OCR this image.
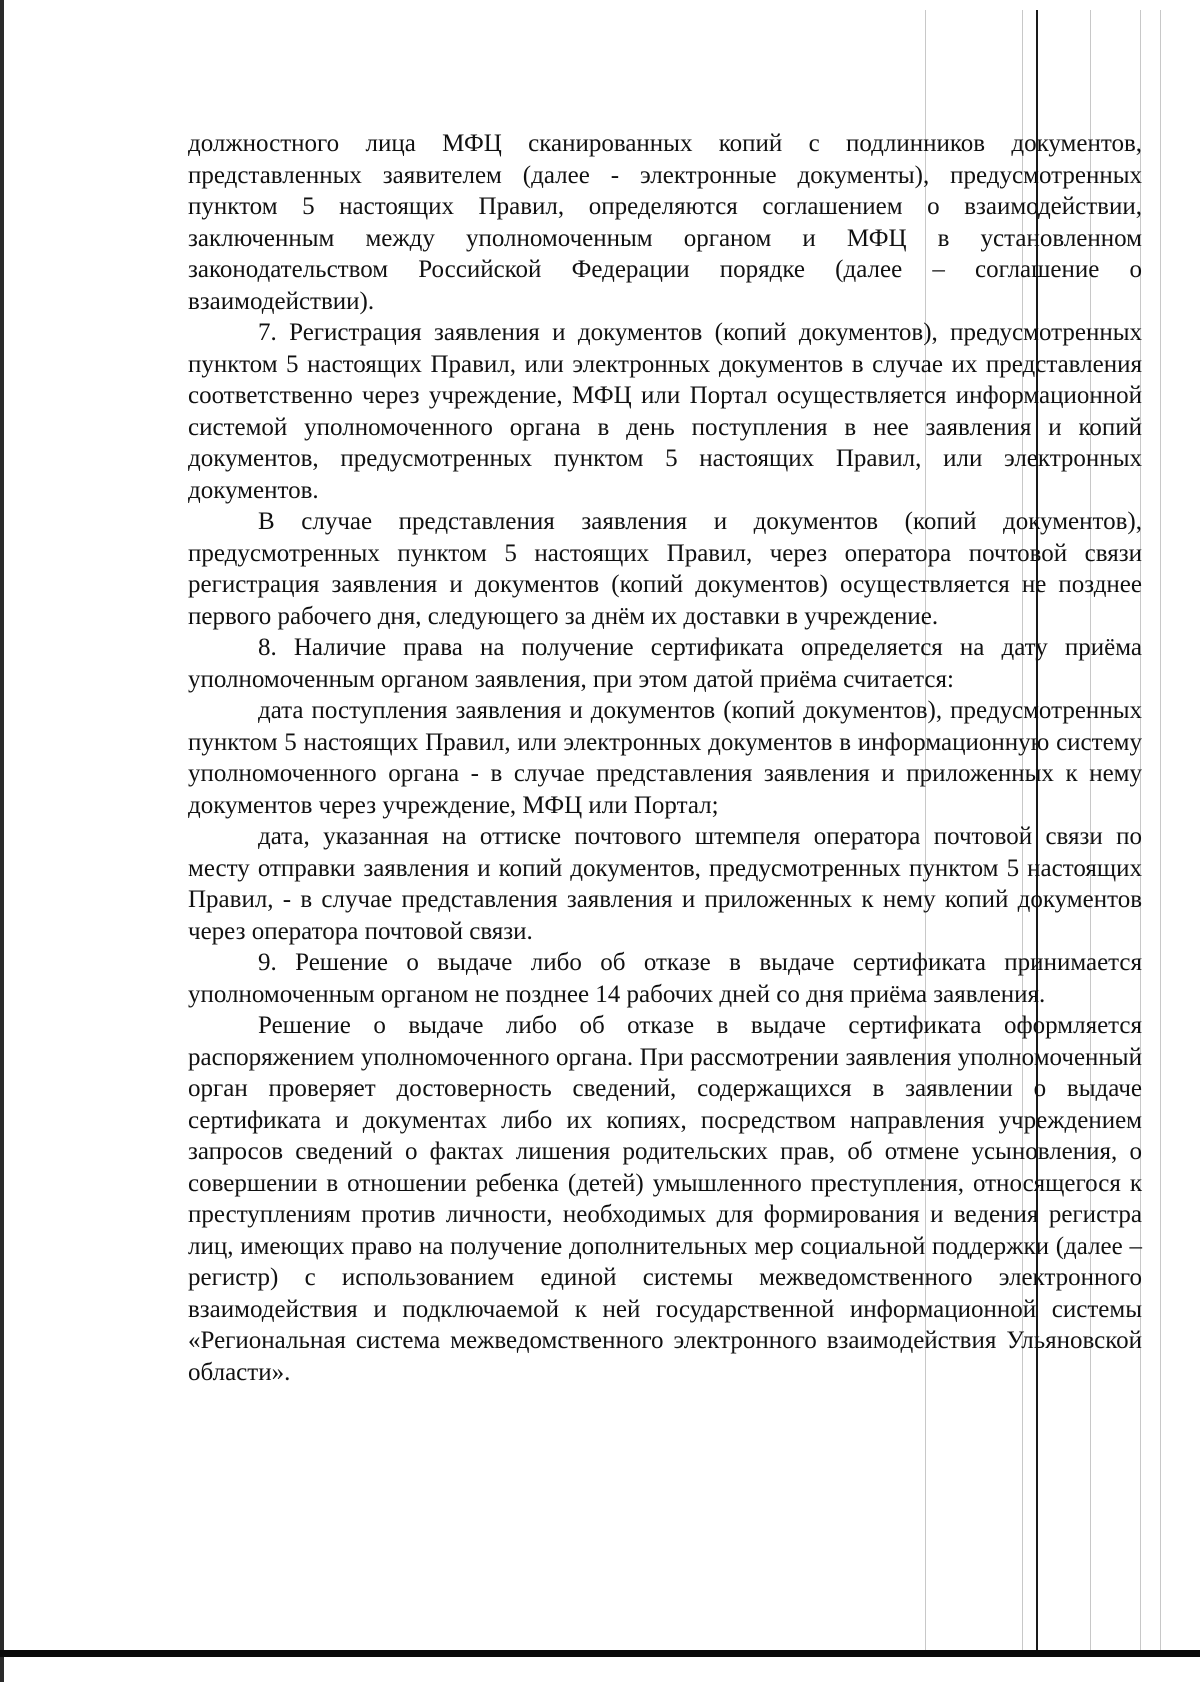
должностного лица МФЦ сканированных копий с подлинников документов, представленных заявителем (далее - электронные документы), предусмотренных пунктом 5 настоящих Правил, определяются соглашением о взаимодействии, заключенным между уполномоченным органом и МФЦ в установленном законодательством Российской Федерации порядке (далее – соглашение о взаимодействии).

7. Регистрация заявления и документов (копий документов), предусмотренных пунктом 5 настоящих Правил, или электронных документов в случае их представления соответственно через учреждение, МФЦ или Портал осуществляется информационной системой уполномоченного органа в день поступления в нее заявления и копий документов, предусмотренных пунктом 5 настоящих Правил, или электронных документов.

В случае представления заявления и документов (копий документов), предусмотренных пунктом 5 настоящих Правил, через оператора почтовой связи регистрация заявления и документов (копий документов) осуществляется не позднее первого рабочего дня, следующего за днём их доставки в учреждение.

8. Наличие права на получение сертификата определяется на дату приёма уполномоченным органом заявления, при этом датой приёма считается:

дата поступления заявления и документов (копий документов), предусмотренных пунктом 5 настоящих Правил, или электронных документов в информационную систему уполномоченного органа - в случае представления заявления и приложенных к нему документов через учреждение, МФЦ или Портал;

дата, указанная на оттиске почтового штемпеля оператора почтовой связи по месту отправки заявления и копий документов, предусмотренных пунктом 5 настоящих Правил, - в случае представления заявления и приложенных к нему копий документов через оператора почтовой связи.

9. Решение о выдаче либо об отказе в выдаче сертификата принимается уполномоченным органом не позднее 14 рабочих дней со дня приёма заявления.

Решение о выдаче либо об отказе в выдаче сертификата оформляется распоряжением уполномоченного органа. При рассмотрении заявления уполномоченный орган проверяет достоверность сведений, содержащихся в заявлении о выдаче сертификата и документах либо их копиях, посредством направления учреждением запросов сведений о фактах лишения родительских прав, об отмене усыновления, о совершении в отношении ребенка (детей) умышленного преступления, относящегося к преступлениям против личности, необходимых для формирования и ведения регистра лиц, имеющих право на получение дополнительных мер социальной поддержки (далее – регистр) с использованием единой системы межведомственного электронного взаимодействия и подключаемой к ней государственной информационной системы «Региональная система межведомственного электронного взаимодействия Ульяновской области».
